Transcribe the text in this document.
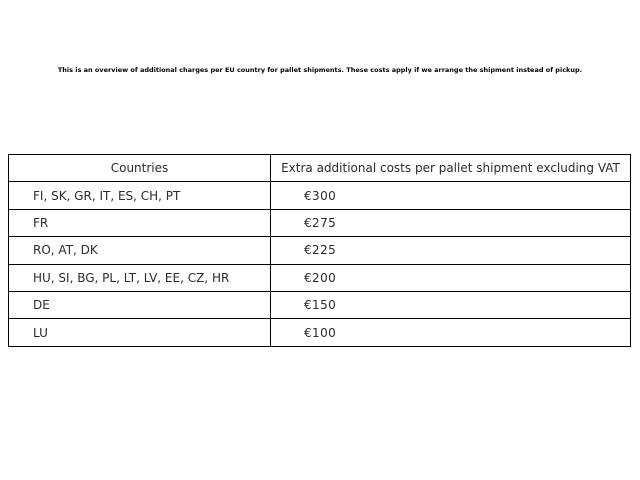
This is an overview of additional charges per EU country for pallet shipments. These costs apply if we arrange the shipment instead of pickup.
Countries	Extra additional costs per pallet shipment excluding VAT
FI, SK, GR, IT, ES, CH, PT	€300
FR	€275
RO, AT, DK	€225
HU, SI, BG, PL, LT, LV, EE, CZ, HR	€200
DE	€150
LU	€100
